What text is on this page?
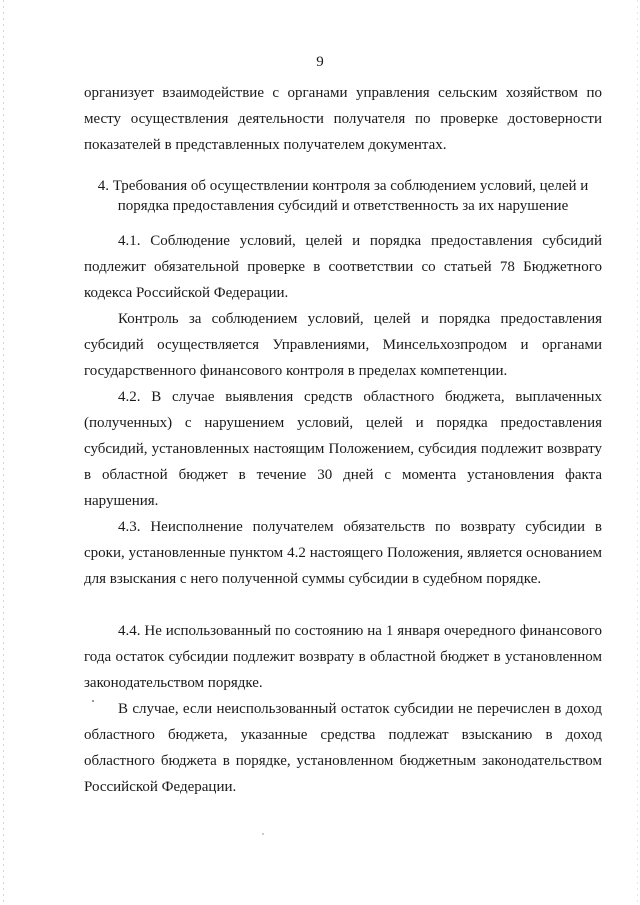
9

организует взаимодействие с органами управления сельским хозяйством по месту осуществления деятельности получателя по проверке достоверности показателей в представленных получателем документах.

4. Требования об осуществлении контроля за соблюдением условий, целей и
порядка предоставления субсидий и ответственность за их нарушение

4.1. Соблюдение условий, целей и порядка предоставления субсидий подлежит обязательной проверке в соответствии со статьей 78 Бюджетного кодекса Российской Федерации.

Контроль за соблюдением условий, целей и порядка предоставления субсидий осуществляется Управлениями, Минсельхозпродом и органами государственного финансового контроля в пределах компетенции.

4.2. В случае выявления средств областного бюджета, выплаченных (полученных) с нарушением условий, целей и порядка предоставления субсидий, установленных настоящим Положением, субсидия подлежит возврату в областной бюджет в течение 30 дней с момента установления факта нарушения.

4.3. Неисполнение получателем обязательств по возврату субсидии в сроки, установленные пунктом 4.2 настоящего Положения, является основанием для взыскания с него полученной суммы субсидии в судебном порядке.

4.4. Не использованный по состоянию на 1 января очередного финансового года остаток субсидии подлежит возврату в областной бюджет в установленном законодательством порядке.

В случае, если неиспользованный остаток субсидии не перечислен в доход областного бюджета, указанные средства подлежат взысканию в доход областного бюджета в порядке, установленном бюджетным законодательством Российской Федерации.
